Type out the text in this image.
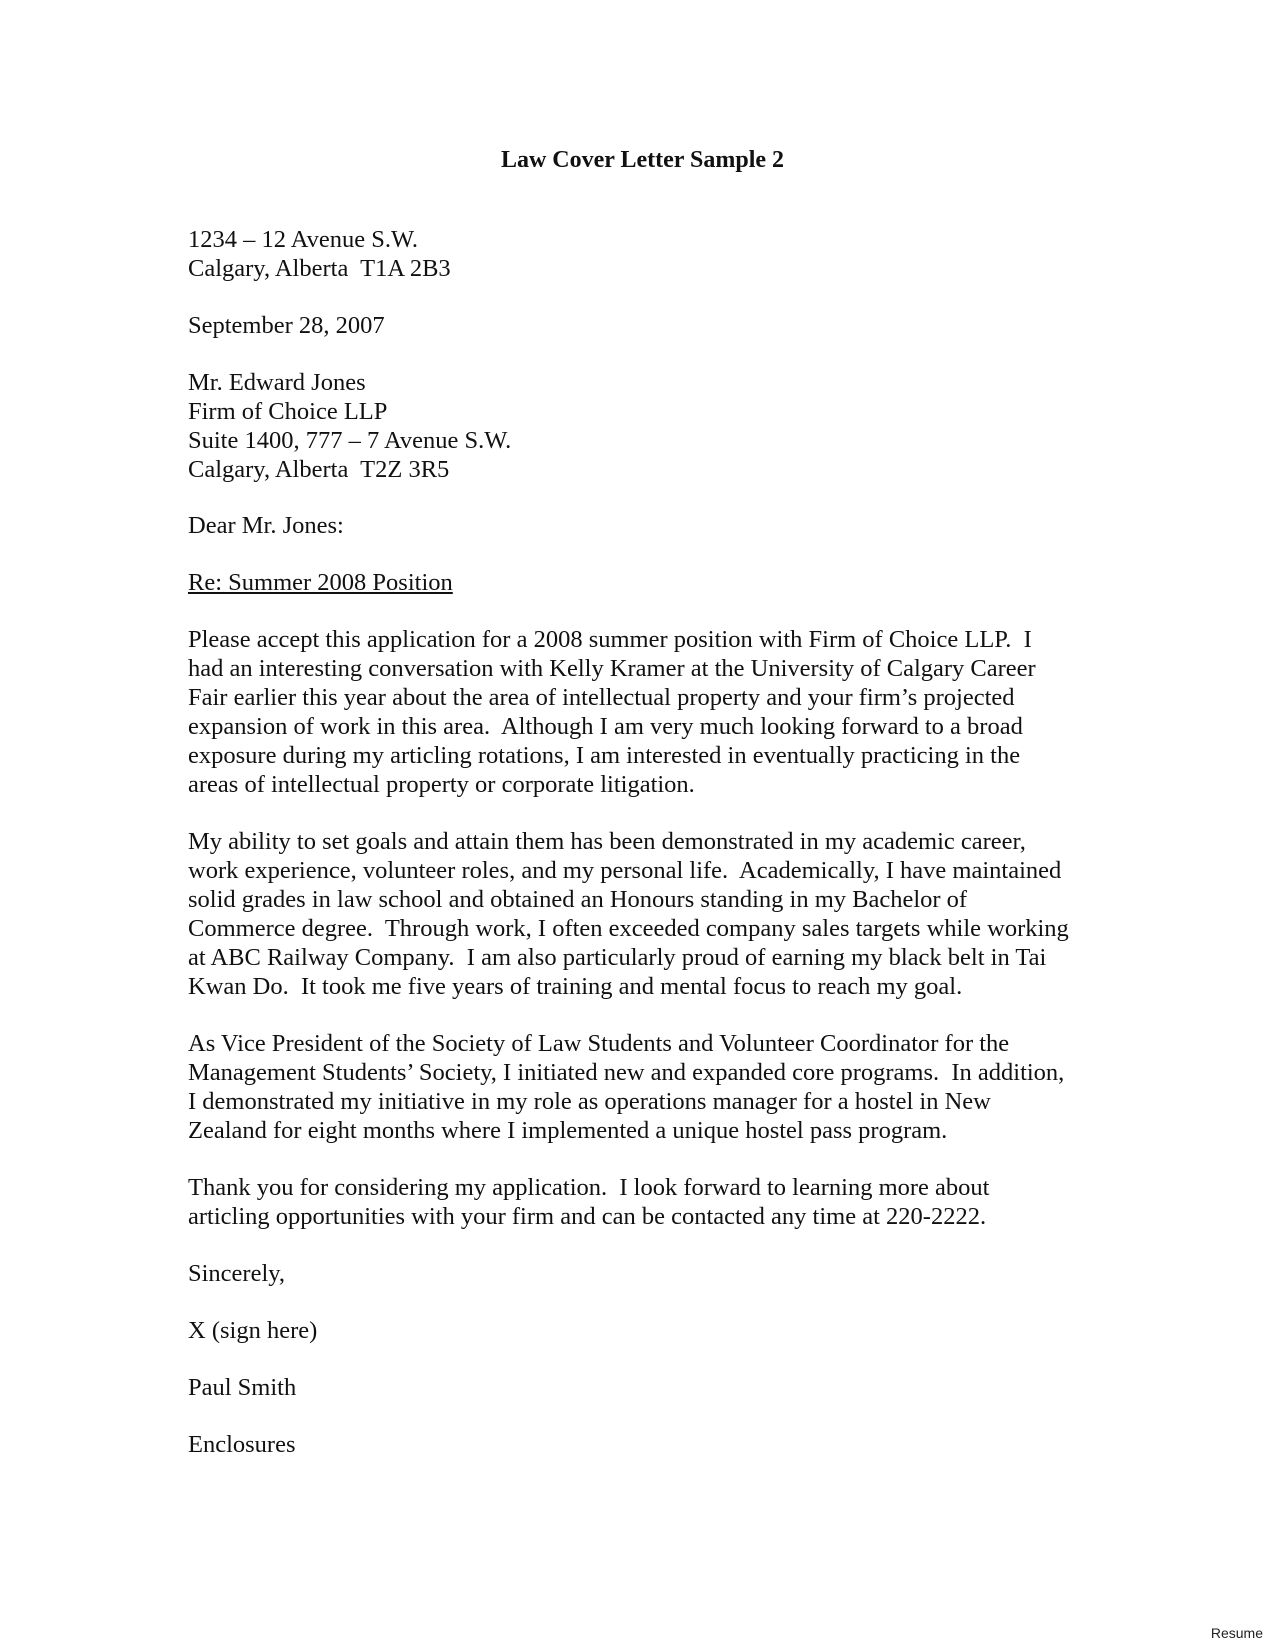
Law Cover Letter Sample 2
1234 – 12 Avenue S.W.
Calgary, Alberta  T1A 2B3
September 28, 2007
Mr. Edward Jones
Firm of Choice LLP
Suite 1400, 777 – 7 Avenue S.W.
Calgary, Alberta  T2Z 3R5
Dear Mr. Jones:
Re: Summer 2008 Position
Please accept this application for a 2008 summer position with Firm of Choice LLP.  I
had an interesting conversation with Kelly Kramer at the University of Calgary Career
Fair earlier this year about the area of intellectual property and your firm’s projected
expansion of work in this area.  Although I am very much looking forward to a broad
exposure during my articling rotations, I am interested in eventually practicing in the
areas of intellectual property or corporate litigation.
My ability to set goals and attain them has been demonstrated in my academic career,
work experience, volunteer roles, and my personal life.  Academically, I have maintained
solid grades in law school and obtained an Honours standing in my Bachelor of
Commerce degree.  Through work, I often exceeded company sales targets while working
at ABC Railway Company.  I am also particularly proud of earning my black belt in Tai
Kwan Do.  It took me five years of training and mental focus to reach my goal.
As Vice President of the Society of Law Students and Volunteer Coordinator for the
Management Students’ Society, I initiated new and expanded core programs.  In addition,
I demonstrated my initiative in my role as operations manager for a hostel in New
Zealand for eight months where I implemented a unique hostel pass program.
Thank you for considering my application.  I look forward to learning more about
articling opportunities with your firm and can be contacted any time at 220-2222.
Sincerely,
X (sign here)
Paul Smith
Enclosures
Resume
